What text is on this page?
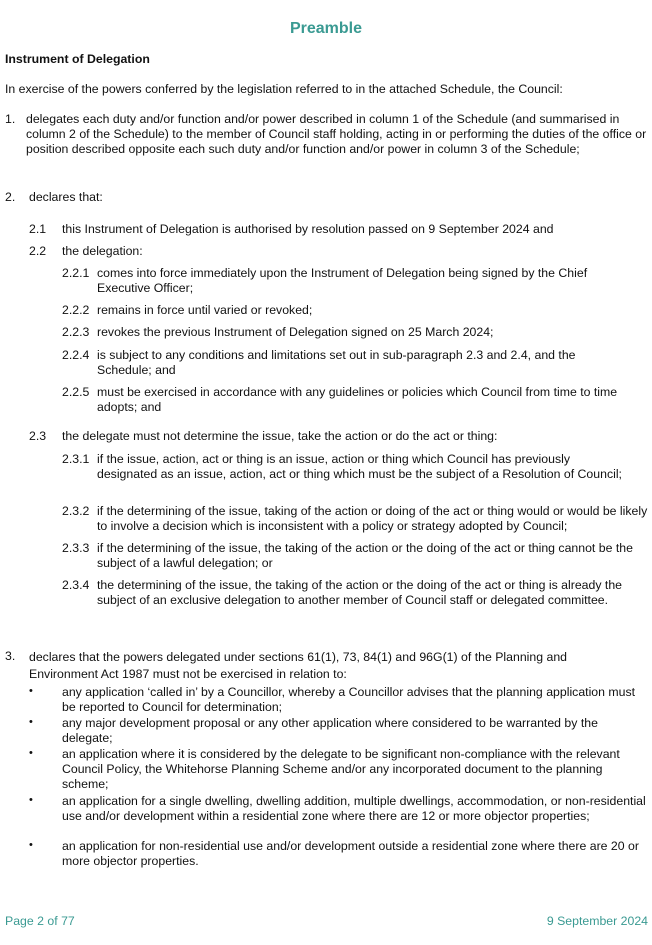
Preamble
Instrument of Delegation
In exercise of the powers conferred by the legislation referred to in the attached Schedule, the Council:
1. delegates each duty and/or function and/or power described in column 1 of the Schedule (and summarised in column 2 of the Schedule) to the member of Council staff holding, acting in or performing the duties of the office or position described opposite each such duty and/or function and/or power in column 3 of the Schedule;
2. declares that:
2.1 this Instrument of Delegation is authorised by resolution passed on 9 September 2024 and
2.2 the delegation:
2.2.1 comes into force immediately upon the Instrument of Delegation being signed by the Chief Executive Officer;
2.2.2 remains in force until varied or revoked;
2.2.3 revokes the previous Instrument of Delegation signed on 25 March 2024;
2.2.4 is subject to any conditions and limitations set out in sub-paragraph 2.3 and 2.4, and the Schedule; and
2.2.5 must be exercised in accordance with any guidelines or policies which Council from time to time adopts; and
2.3 the delegate must not determine the issue, take the action or do the act or thing:
2.3.1 if the issue, action, act or thing is an issue, action or thing which Council has previously designated as an issue, action, act or thing which must be the subject of a Resolution of Council;
2.3.2 if the determining of the issue, taking of the action or doing of the act or thing would or would be likely to involve a decision which is inconsistent with a policy or strategy adopted by Council;
2.3.3 if the determining of the issue, the taking of the action or the doing of the act or thing cannot be the subject of a lawful delegation; or
2.3.4 the determining of the issue, the taking of the action or the doing of the act or thing is already the subject of an exclusive delegation to another member of Council staff or delegated committee.
3. declares that the powers delegated under sections 61(1), 73, 84(1) and 96G(1) of the Planning and Environment Act 1987 must not be exercised in relation to:
• any application ‘called in’ by a Councillor, whereby a Councillor advises that the planning application must be reported to Council for determination;
• any major development proposal or any other application where considered to be warranted by the delegate;
• an application where it is considered by the delegate to be significant non-compliance with the relevant Council Policy, the Whitehorse Planning Scheme and/or any incorporated document to the planning scheme;
• an application for a single dwelling, dwelling addition, multiple dwellings, accommodation, or non-residential use and/or development within a residential zone where there are 12 or more objector properties;
• an application for non-residential use and/or development outside a residential zone where there are 20 or more objector properties.
Page 2 of 77	9 September 2024
